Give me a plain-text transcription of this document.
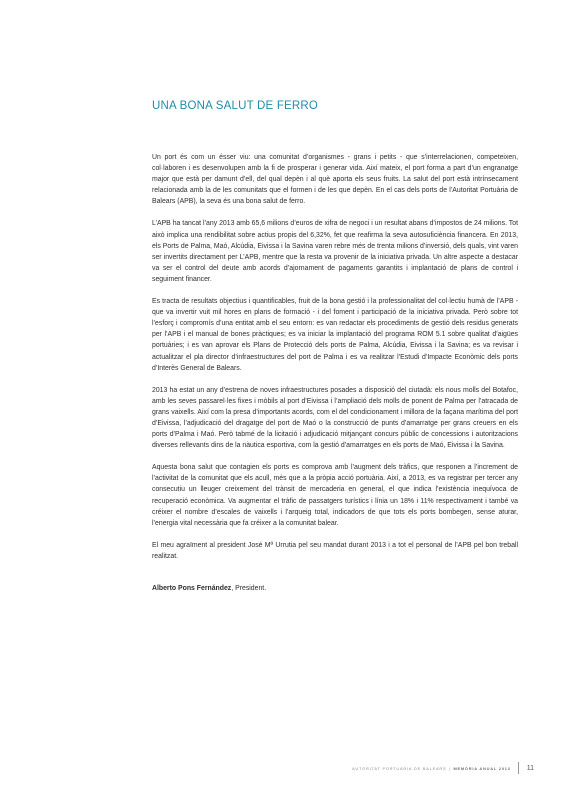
UNA BONA SALUT DE FERRO

Un port és com un ésser viu: una comunitat d’organismes - grans i petits - que s’interrelacionen, competeixen, col·laboren i es desenvolupen amb la fi de prosperar i generar vida. Així mateix, el port forma a part d’un engranatge major que està per damunt d’ell, del qual depèn i al què aporta els seus fruits. La salut del port està intrínsecament relacionada amb la de les comunitats que el formen i de les que depèn. En el cas dels ports de l’Autoritat Portuària de Balears (APB), la seva és una bona salut de ferro.

L’APB ha tancat l’any 2013 amb 65,6 milions d’euros de xifra de negoci i un resultat abans d’impostos de 24 milions. Tot això implica una rendibilitat sobre actius propis del 6,32%, fet que reafirma la seva autosuficiència financera. En 2013, els Ports de Palma, Maó, Alcúdia, Eivissa i la Savina varen rebre més de trenta milions d’inversió, dels quals, vint varen ser invertits directament per L’APB, mentre que la resta va provenir de la iniciativa privada. Un altre aspecte a destacar va ser el control del deute amb acords d’ajornament de pagaments garantits i implantació de plans de control i seguiment financer.

Es tracta de resultats objectius i quantificables, fruit de la bona gestió i la professionalitat del col·lectiu humà de l’APB - que va invertir vuit mil hores en plans de formació - i del foment i participació de la iniciativa privada. Però sobre tot l’esforç i compromís d’una entitat amb el seu entorn: es van redactar els procediments de gestió dels residus generats per l’APB i el manual de bones pràctiques; es va iniciar la implantació del programa ROM 5.1 sobre qualitat d’aigües portuàries; i es van aprovar els Plans de Protecció dels ports de Palma, Alcúdia, Eivissa i la Savina; es va revisar i actualitzar el pla director d’infraestructures del port de Palma i es va realitzar l’Estudi d’Impacte Econòmic dels ports d’Interès General de Balears.

2013 ha estat un any d’estrena de noves infraestructures posades a disposició del ciutadà: els nous molls del Botafoc, amb les seves passarel·les fixes i mòbils al port d’Eivissa i l’ampliació dels molls de ponent de Palma per l’atracada de grans vaixells. Així com la presa d’importants acords, com el del condicionament i millora de la façana marítima del port d’Eivissa, l’adjudicació del dragatge del port de Maó o la construcció de punts d’amarratge per grans creuers en els ports d’Palma i Maó. Però tabmé de la licitació i adjudicació mitjançant concurs públic de concessions i autoritzacions diverses rellevants dins de la nàutica esportiva, com la gestió d’amarratges en els ports de Maó, Eivissa i la Savina.

Aquesta bona salut que contagien els ports es comprova amb l’augment dels tràfics, que responen a l’increment de l’activitat de la comunitat que els acull, més que a la pròpia acció portuària. Així, a 2013, es va registrar per tercer any consecutiu un lleuger creixement del trànsit de mercaderia en general, el que indica l’existència inequívoca de recuperació econòmica. Va augmentar el tràfic de passatgers turístics i línia un 18% i 11% respectivament i també va créixer el nombre d’escales de vaixells i l’arqueig total, indicadors de que tots els ports bombegen, sense aturar, l’energia vital necessària que fa créixer a la comunitat balear.

El meu agraïment al president José Mª Urrutia pel seu mandat durant 2013 i a tot el personal de l’APB pel bon treball realitzat.

Alberto Pons Fernández, President.

AUTORITAT PORTUÀRIA DE BALEARS | MEMÒRIA ANUAL 2013 11
